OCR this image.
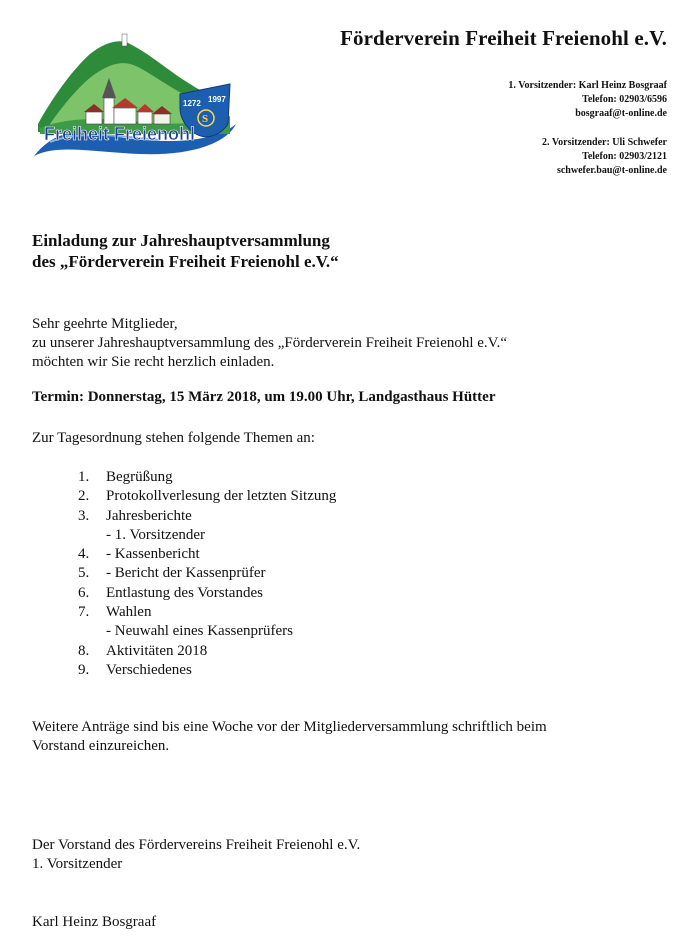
1272 1997
S
Freiheit Freienohl
Förderverein Freiheit Freienohl e.V.
1. Vorsitzender: Karl Heinz Bosgraaf
Telefon: 02903/6596
bosgraaf@t-online.de
2. Vorsitzender: Uli Schwefer
Telefon: 02903/2121
schwefer.bau@t-online.de
Einladung zur Jahreshauptversammlung
des „Förderverein Freiheit Freienohl e.V.“
Sehr geehrte Mitglieder,
zu unserer Jahreshauptversammlung des „Förderverein Freiheit Freienohl e.V.“
möchten wir Sie recht herzlich einladen.
Termin: Donnerstag, 15 März 2018, um 19.00 Uhr, Landgasthaus Hütter
Zur Tagesordnung stehen folgende Themen an:
1.	Begrüßung
2.	Protokollverlesung der letzten Sitzung
3.	Jahresberichte
- 1. Vorsitzender
4.	- Kassenbericht
5.	- Bericht der Kassenprüfer
6.	Entlastung des Vorstandes
7.	Wahlen
- Neuwahl eines Kassenprüfers
8.	Aktivitäten 2018
9.	Verschiedenes
Weitere Anträge sind bis eine Woche vor der Mitgliederversammlung schriftlich beim
Vorstand einzureichen.
Der Vorstand des Fördervereins Freiheit Freienohl e.V.
1. Vorsitzender
Karl Heinz Bosgraaf
